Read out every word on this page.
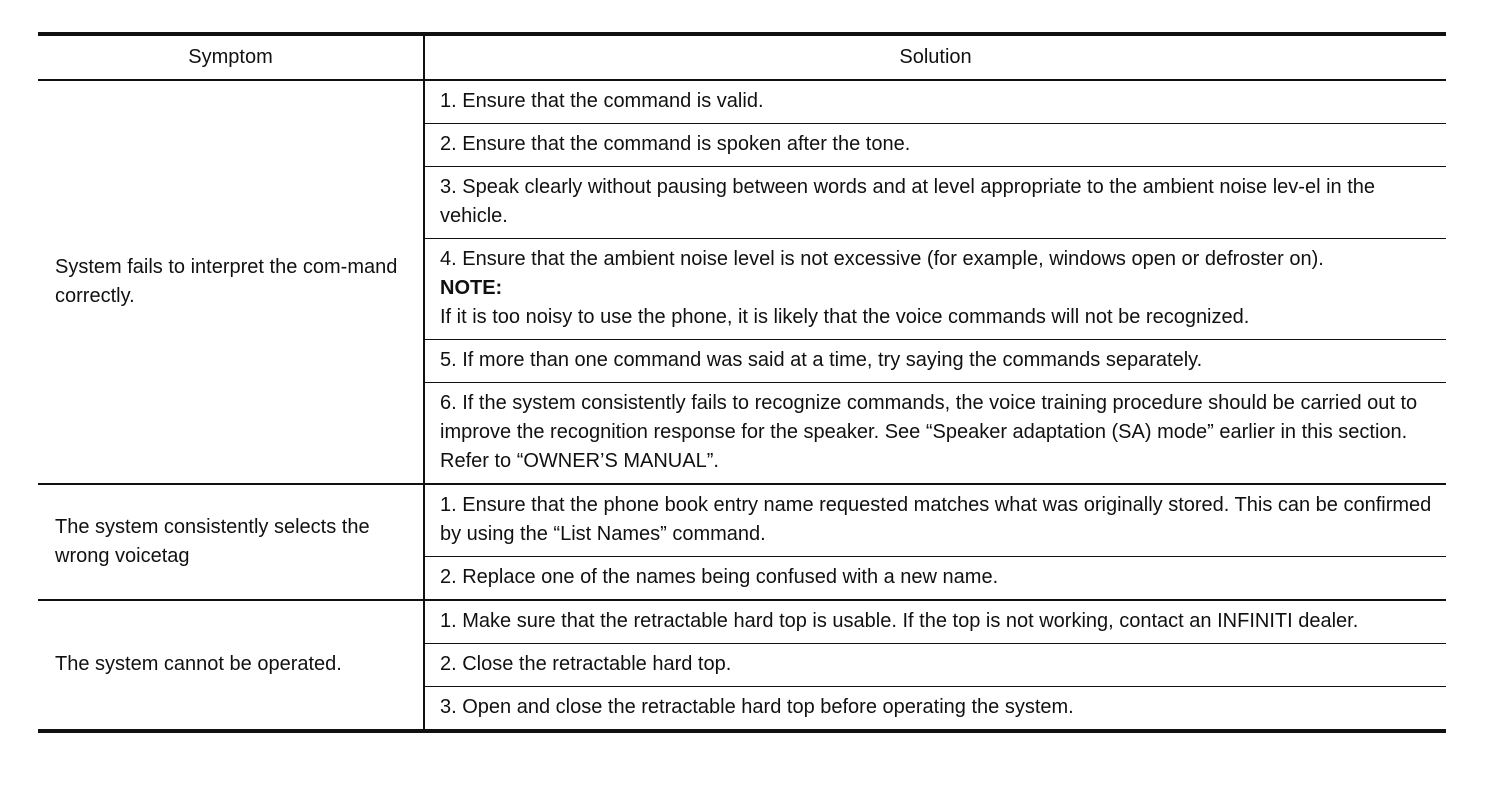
Symptom	Solution
System fails to interpret the com-mand correctly.	1. Ensure that the command is valid.
	2. Ensure that the command is spoken after the tone.
	3. Speak clearly without pausing between words and at level appropriate to the ambient noise lev-el in the vehicle.

	4. Ensure that the ambient noise level is not excessive (for example, windows open or defroster on).
NOTE:
If it is too noisy to use the phone, it is likely that the voice commands will not be recognized.

	5. If more than one command was said at a time, try saying the commands separately.
	6. If the system consistently fails to recognize commands, the voice training procedure should be carried out to improve the recognition response for the speaker. See “Speaker adaptation (SA) mode” earlier in this section. Refer to “OWNER’S MANUAL”.
The system consistently selects the wrong voicetag	1. Ensure that the phone book entry name requested matches what was originally stored. This can be confirmed by using the “List Names” command.
	2. Replace one of the names being confused with a new name.
The system cannot be operated.	1. Make sure that the retractable hard top is usable. If the top is not working, contact an INFINITI dealer.
	2. Close the retractable hard top.
	3. Open and close the retractable hard top before operating the system.
